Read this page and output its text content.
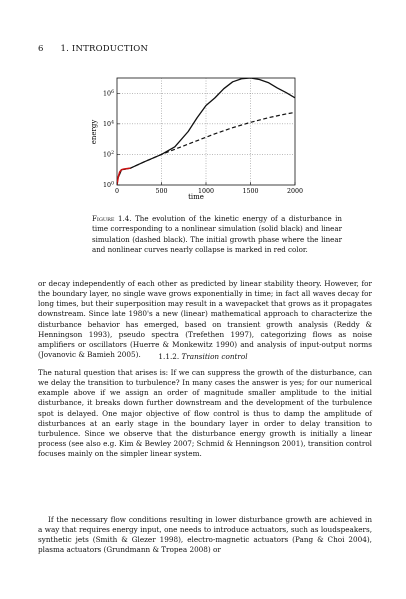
6 1. INTRODUCTION
0	500	1000	1500	2000
$10^0$
$10^2$
$10^4$
$10^6$
time
energy
Figure 1.4. The evolution of the kinetic energy of a disturbance in time corresponding to a nonlinear simulation (solid black) and linear simulation (dashed black). The initial growth phase where the linear and nonlinear curves nearly collapse is marked in red color.

or decay independently of each other as predicted by linear stability theory. However, for the boundary layer, no single wave grows exponentially in time; in fact all waves decay for long times, but their superposition may result in a wavepacket that grows as it propagates downstream. Since late 1980's a new (linear) mathematical approach to characterize the disturbance behavior has emerged, based on transient growth analysis (Reddy & Henningson 1993), pseudo spectra (Trefethen 1997), categorizing flows as noise amplifiers or oscillators (Huerre & Monkewitz 1990) and analysis of input-output norms (Jovanovic & Bamieh 2005).	1.1.2. Transition control

The natural question that arises is: If we can suppress the growth of the disturbance, can we delay the transition to turbulence? In many cases the answer is yes; for our numerical example above if we assign an order of magnitude smaller amplitude to the initial disturbance, it breaks down further downstream and the development of the turbulence spot is delayed. One major objective of flow control is thus to damp the amplitude of disturbances at an early stage in the boundary layer in order to delay transition to turbulence. Since we observe that the disturbance energy growth is initially a linear process (see also e.g. Kim & Bewley 2007; Schmid & Henningson 2001), transition control focuses mainly on the simpler linear system.

If the necessary flow conditions resulting in lower disturbance growth are achieved in a way that requires energy input, one needs to introduce actuators, such as loudspeakers, synthetic jets (Smith & Glezer 1998), electro-magnetic actuators (Pang & Choi 2004), plasma actuators (Grundmann & Tropea 2008) or
